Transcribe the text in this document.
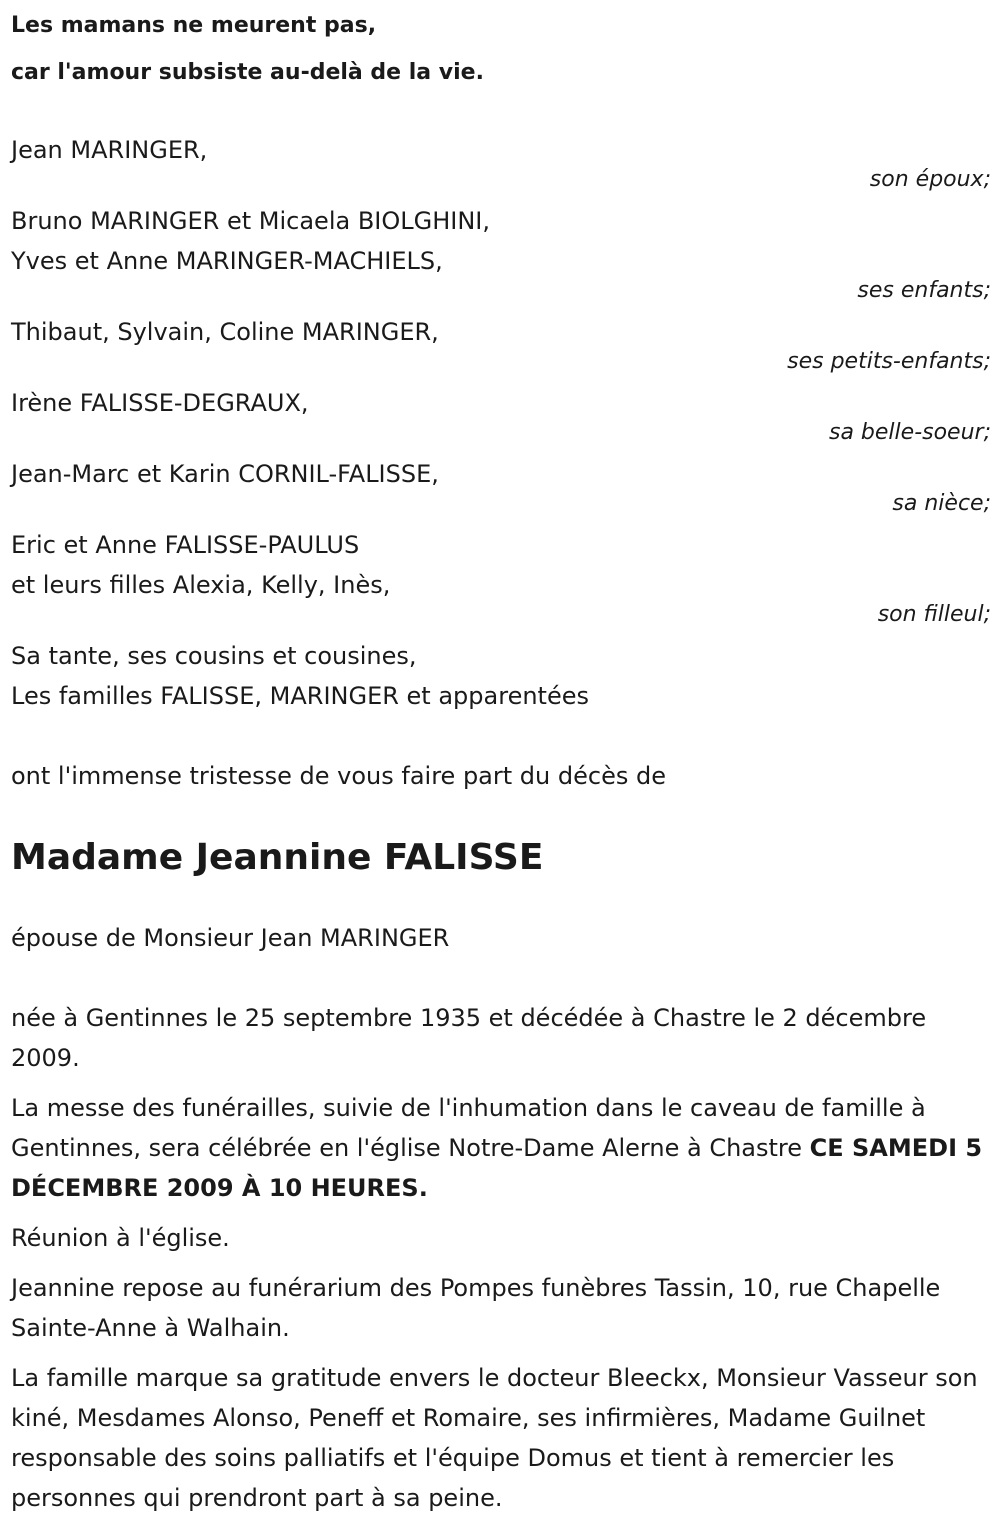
Les mamans ne meurent pas,
car l'amour subsiste au-delà de la vie.
Jean MARINGER,
son époux;
Bruno MARINGER et Micaela BIOLGHINI,
Yves et Anne MARINGER-MACHIELS,
ses enfants;
Thibaut, Sylvain, Coline MARINGER,
ses petits-enfants;
Irène FALISSE-DEGRAUX,
sa belle-soeur;
Jean-Marc et Karin CORNIL-FALISSE,
sa nièce;
Eric et Anne FALISSE-PAULUS
et leurs filles Alexia, Kelly, Inès,
son filleul;
Sa tante, ses cousins et cousines,
Les familles FALISSE, MARINGER et apparentées
ont l'immense tristesse de vous faire part du décès de
Madame Jeannine FALISSE
épouse de Monsieur Jean MARINGER
née à Gentinnes le 25 septembre 1935 et décédée à Chastre le 2 décembre 2009.
La messe des funérailles, suivie de l'inhumation dans le caveau de famille à Gentinnes, sera célébrée en l'église Notre-Dame Alerne à Chastre CE SAMEDI 5 DÉCEMBRE 2009 À 10 HEURES.
Réunion à l'église.
Jeannine repose au funérarium des Pompes funèbres Tassin, 10, rue Chapelle Sainte-Anne à Walhain.
La famille marque sa gratitude envers le docteur Bleeckx, Monsieur Vasseur son kiné, Mesdames Alonso, Peneff et Romaire, ses infirmières, Madame Guilnet responsable des soins palliatifs et l'équipe Domus et tient à remercier les personnes qui prendront part à sa peine.
